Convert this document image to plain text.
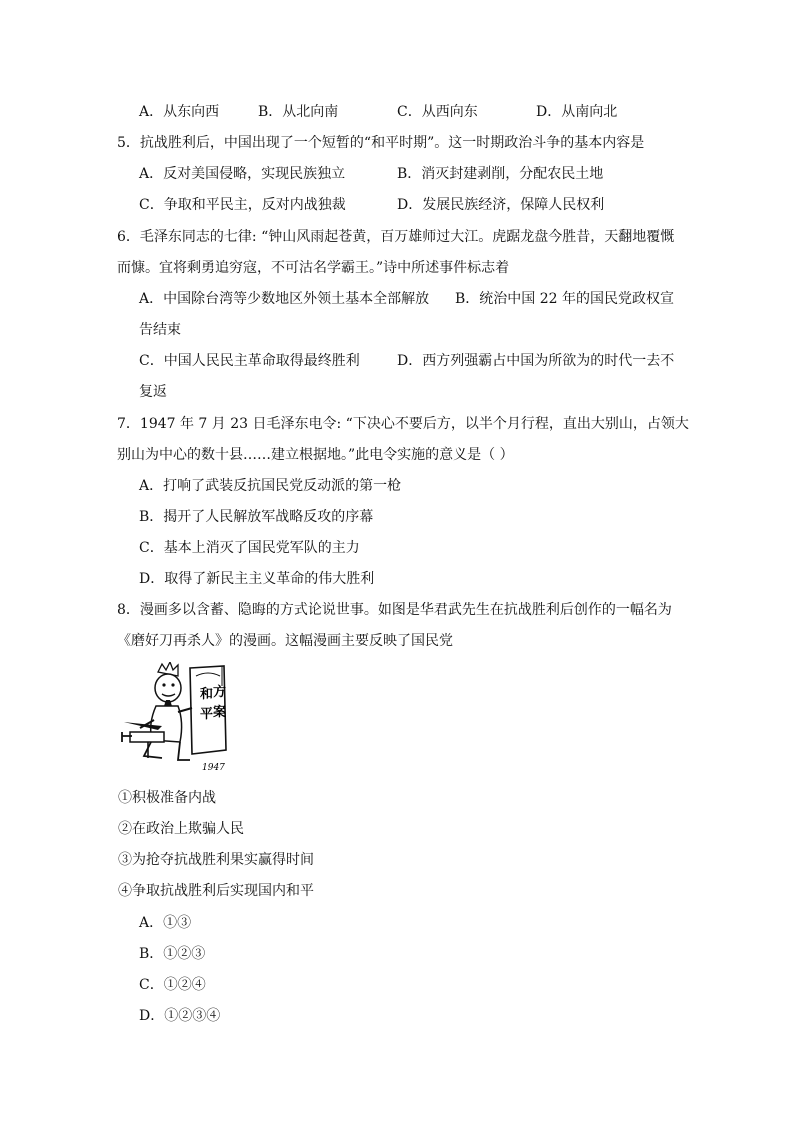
A．从东向西	B．从北向南	C．从西向东	D．从南向北
5．抗战胜利后，中国出现了一个短暂的“和平时期”。这一时期政治斗争的基本内容是
A．反对美国侵略，实现民族独立	B．消灭封建剥削，分配农民土地
C．争取和平民主，反对内战独裁	D．发展民族经济，保障人民权利
6．毛泽东同志的七律: “钟山风雨起苍黄，百万雄师过大江。虎踞龙盘今胜昔，天翻地覆慨
而慷。宜将剩勇追穷寇，不可沽名学霸王。”诗中所述事件标志着
A．中国除台湾等少数地区外领土基本全部解放 B．统治中国 22 年的国民党政权宣
告结束
C．中国人民民主革命取得最终胜利	D．西方列强霸占中国为所欲为的时代一去不
复返
7．1947 年 7 月 23 日毛泽东电令: “下决心不要后方，以半个月行程，直出大别山，占领大
别山为中心的数十县……建立根据地。”此电令实施的意义是（ ）
A．打响了武装反抗国民党反动派的第一枪
B．揭开了人民解放军战略反攻的序幕
C．基本上消灭了国民党军队的主力
D．取得了新民主主义革命的伟大胜利
8．漫画多以含蓄、隐晦的方式论说世事。如图是华君武先生在抗战胜利后创作的一幅名为
《磨好刀再杀人》的漫画。这幅漫画主要反映了国民党
和 方
平 案
1947
①积极准备内战
②在政治上欺骗人民
③为抢夺抗战胜利果实赢得时间
④争取抗战胜利后实现国内和平
A．①③
B．①②③
C．①②④
D．①②③④
